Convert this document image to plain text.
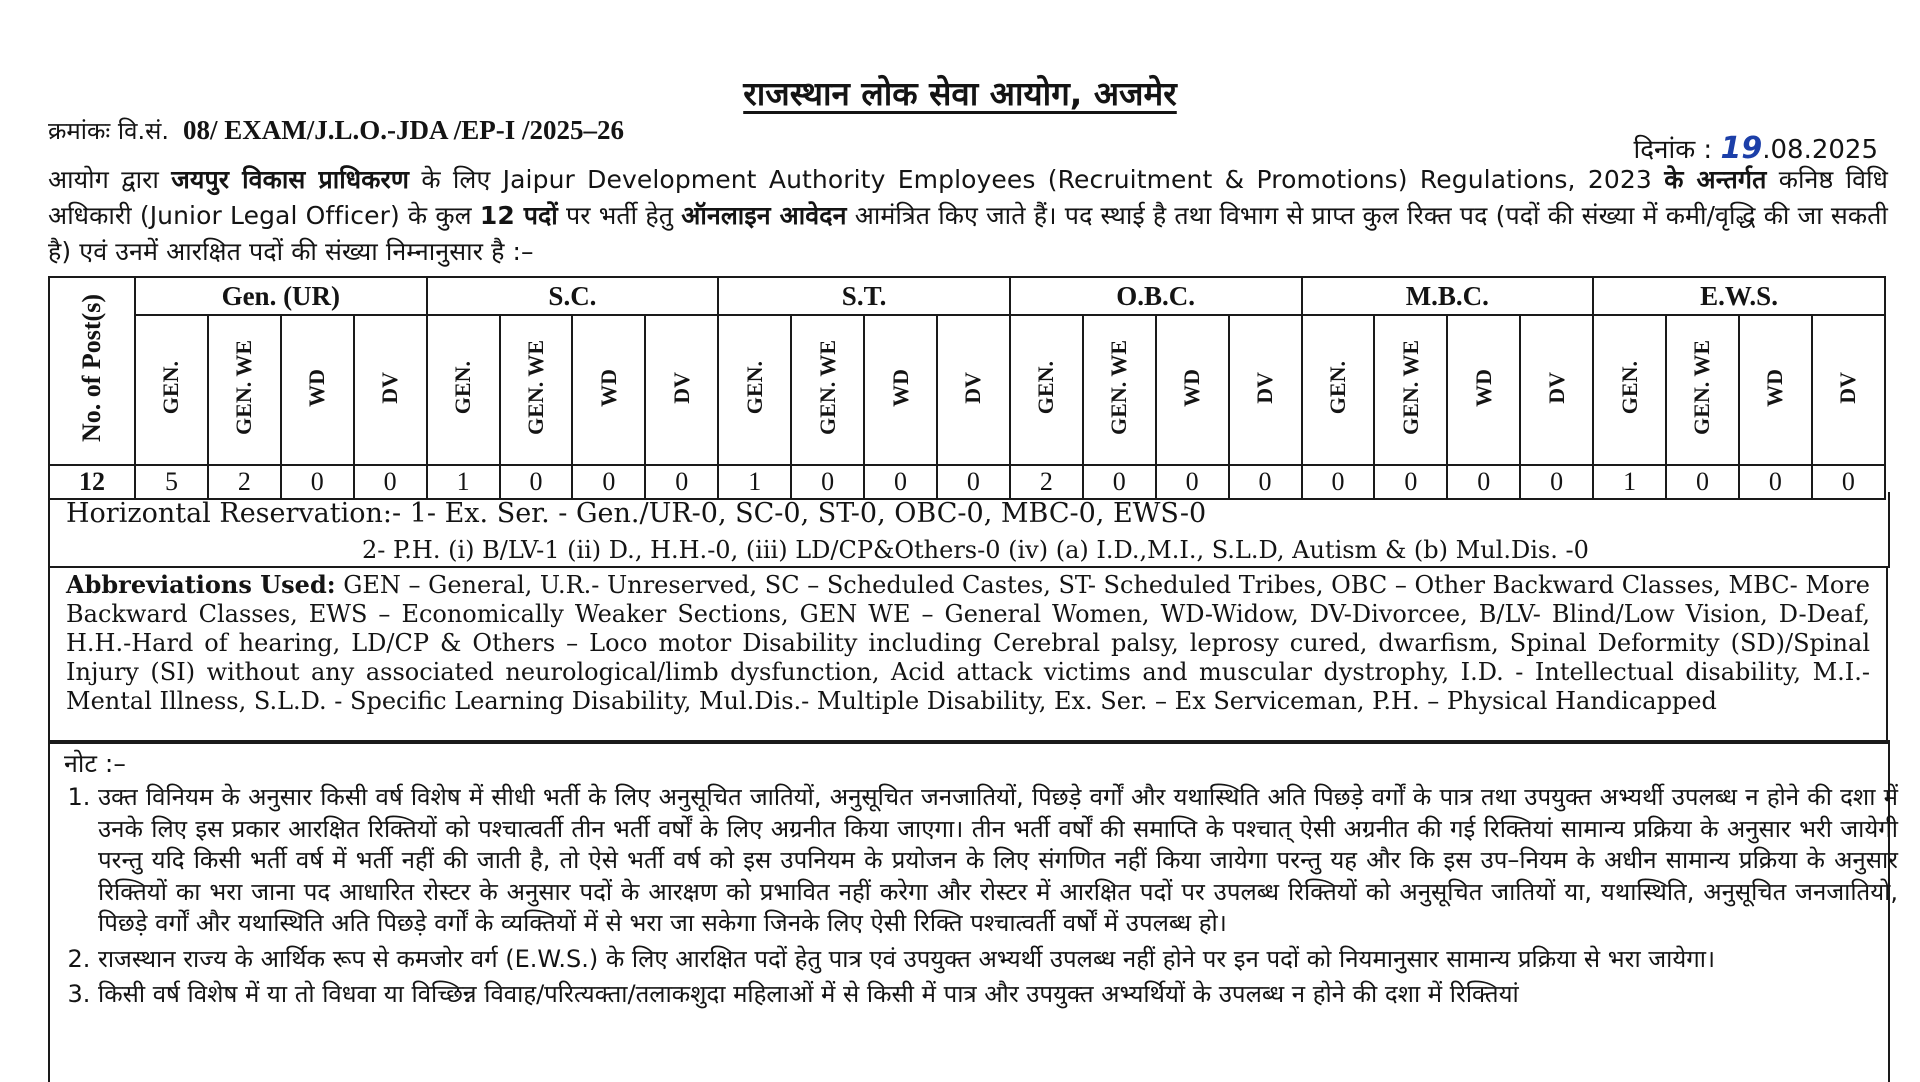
राजस्थान लोक सेवा आयोग, अजमेर
क्रमांकः वि.सं. 08/ EXAM/J.L.O.-JDA /EP-I /2025–26
दिनांक : 19.08.2025
आयोग द्वारा जयपुर विकास प्राधिकरण के लिए Jaipur Development Authority Employees (Recruitment & Promotions) Regulations, 2023 के अन्तर्गत कनिष्ठ विधि अधिकारी (Junior Legal Officer) के कुल 12 पदों पर भर्ती हेतु ऑनलाइन आवेदन आमंत्रित किए जाते हैं। पद स्थाई है तथा विभाग से प्राप्त कुल रिक्त पद (पदों की संख्या में कमी/वृद्धि की जा सकती है) एवं उनमें आरक्षित पदों की संख्या निम्नानुसार है :–
No. of Post(s)	Gen. (UR)				S.C.				S.T.				O.B.C.				M.B.C.				E.W.S.			
	GEN.	GEN. WE	WD	DV	GEN.	GEN. WE	WD	DV	GEN.	GEN. WE	WD	DV	GEN.	GEN. WE	WD	DV	GEN.	GEN. WE	WD	DV	GEN.	GEN. WE	WD	DV
12	5	2	0	0	1	0	0	0	1	0	0	0	2	0	0	0	0	0	0	0	1	0	0	0
Horizontal Reservation:- 1- Ex. Ser. - Gen./UR-0, SC-0, ST-0, OBC-0, MBC-0, EWS-0
2- P.H. (i) B/LV-1 (ii) D., H.H.-0, (iii) LD/CP&Others-0 (iv) (a) I.D.,M.I., S.L.D, Autism & (b) Mul.Dis. -0
Abbreviations Used: GEN – General, U.R.- Unreserved, SC – Scheduled Castes, ST- Scheduled Tribes, OBC – Other Backward Classes, MBC- More Backward Classes, EWS – Economically Weaker Sections, GEN WE – General Women, WD-Widow, DV-Divorcee, B/LV- Blind/Low Vision, D-Deaf, H.H.-Hard of hearing, LD/CP & Others – Loco motor Disability including Cerebral palsy, leprosy cured, dwarfism, Spinal Deformity (SD)/Spinal Injury (SI) without any associated neurological/limb dysfunction, Acid attack victims and muscular dystrophy, I.D. - Intellectual disability, M.I.- Mental Illness, S.L.D. - Specific Learning Disability, Mul.Dis.- Multiple Disability, Ex. Ser. – Ex Serviceman, P.H. – Physical Handicapped
नोट :–
1. उक्त विनियम के अनुसार किसी वर्ष विशेष में सीधी भर्ती के लिए अनुसूचित जातियों, अनुसूचित जनजातियों, पिछड़े वर्गों और यथास्थिति अति पिछड़े वर्गों के पात्र तथा उपयुक्त अभ्यर्थी उपलब्ध न होने की दशा में उनके लिए इस प्रकार आरक्षित रिक्तियों को पश्चात्वर्ती तीन भर्ती वर्षों के लिए अग्रनीत किया जाएगा। तीन भर्ती वर्षों की समाप्ति के पश्चात् ऐसी अग्रनीत की गई रिक्तियां सामान्य प्रक्रिया के अनुसार भरी जायेगी परन्तु यदि किसी भर्ती वर्ष में भर्ती नहीं की जाती है, तो ऐसे भर्ती वर्ष को इस उपनियम के प्रयोजन के लिए संगणित नहीं किया जायेगा परन्तु यह और कि इस उप–नियम के अधीन सामान्य प्रक्रिया के अनुसार रिक्तियों का भरा जाना पद आधारित रोस्टर के अनुसार पदों के आरक्षण को प्रभावित नहीं करेगा और रोस्टर में आरक्षित पदों पर उपलब्ध रिक्तियों को अनुसूचित जातियों या, यथास्थिति, अनुसूचित जनजातियो, पिछड़े वर्गों और यथास्थिति अति पिछड़े वर्गों के व्यक्तियों में से भरा जा सकेगा जिनके लिए ऐसी रिक्ति पश्चात्वर्ती वर्षों में उपलब्ध हो।
2. राजस्थान राज्य के आर्थिक रूप से कमजोर वर्ग (E.W.S.) के लिए आरक्षित पदों हेतु पात्र एवं उपयुक्त अभ्यर्थी उपलब्ध नहीं होने पर इन पदों को नियमानुसार सामान्य प्रक्रिया से भरा जायेगा।
3. किसी वर्ष विशेष में या तो विधवा या विच्छिन्न विवाह/परित्यक्ता/तलाकशुदा महिलाओं में से किसी में पात्र और उपयुक्त अभ्यर्थियों के उपलब्ध न होने की दशा में रिक्तियां
